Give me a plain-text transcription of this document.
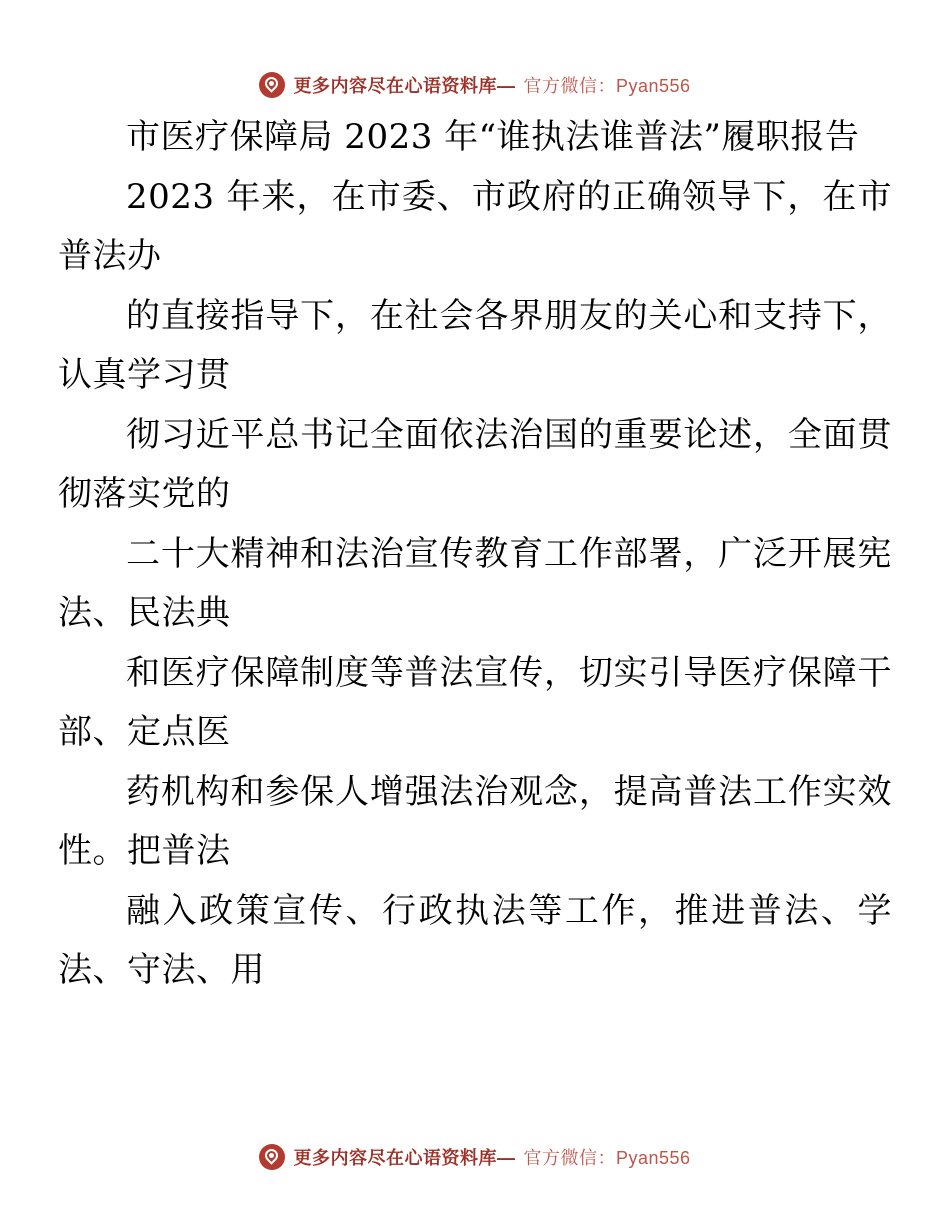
更多内容尽在心语资料库— 官方微信：Pyan556

市医疗保障局 2023 年“谁执法谁普法”履职报告

2023 年来，在市委、市政府的正确领导下，在市普法办

的直接指导下，在社会各界朋友的关心和支持下，认真学习贯

彻习近平总书记全面依法治国的重要论述，全面贯彻落实党的

二十大精神和法治宣传教育工作部署，广泛开展宪法、民法典

和医疗保障制度等普法宣传，切实引导医疗保障干部、定点医

药机构和参保人增强法治观念，提高普法工作实效性。把普法

融入政策宣传、行政执法等工作，推进普法、学法、守法、用

更多内容尽在心语资料库— 官方微信：Pyan556
